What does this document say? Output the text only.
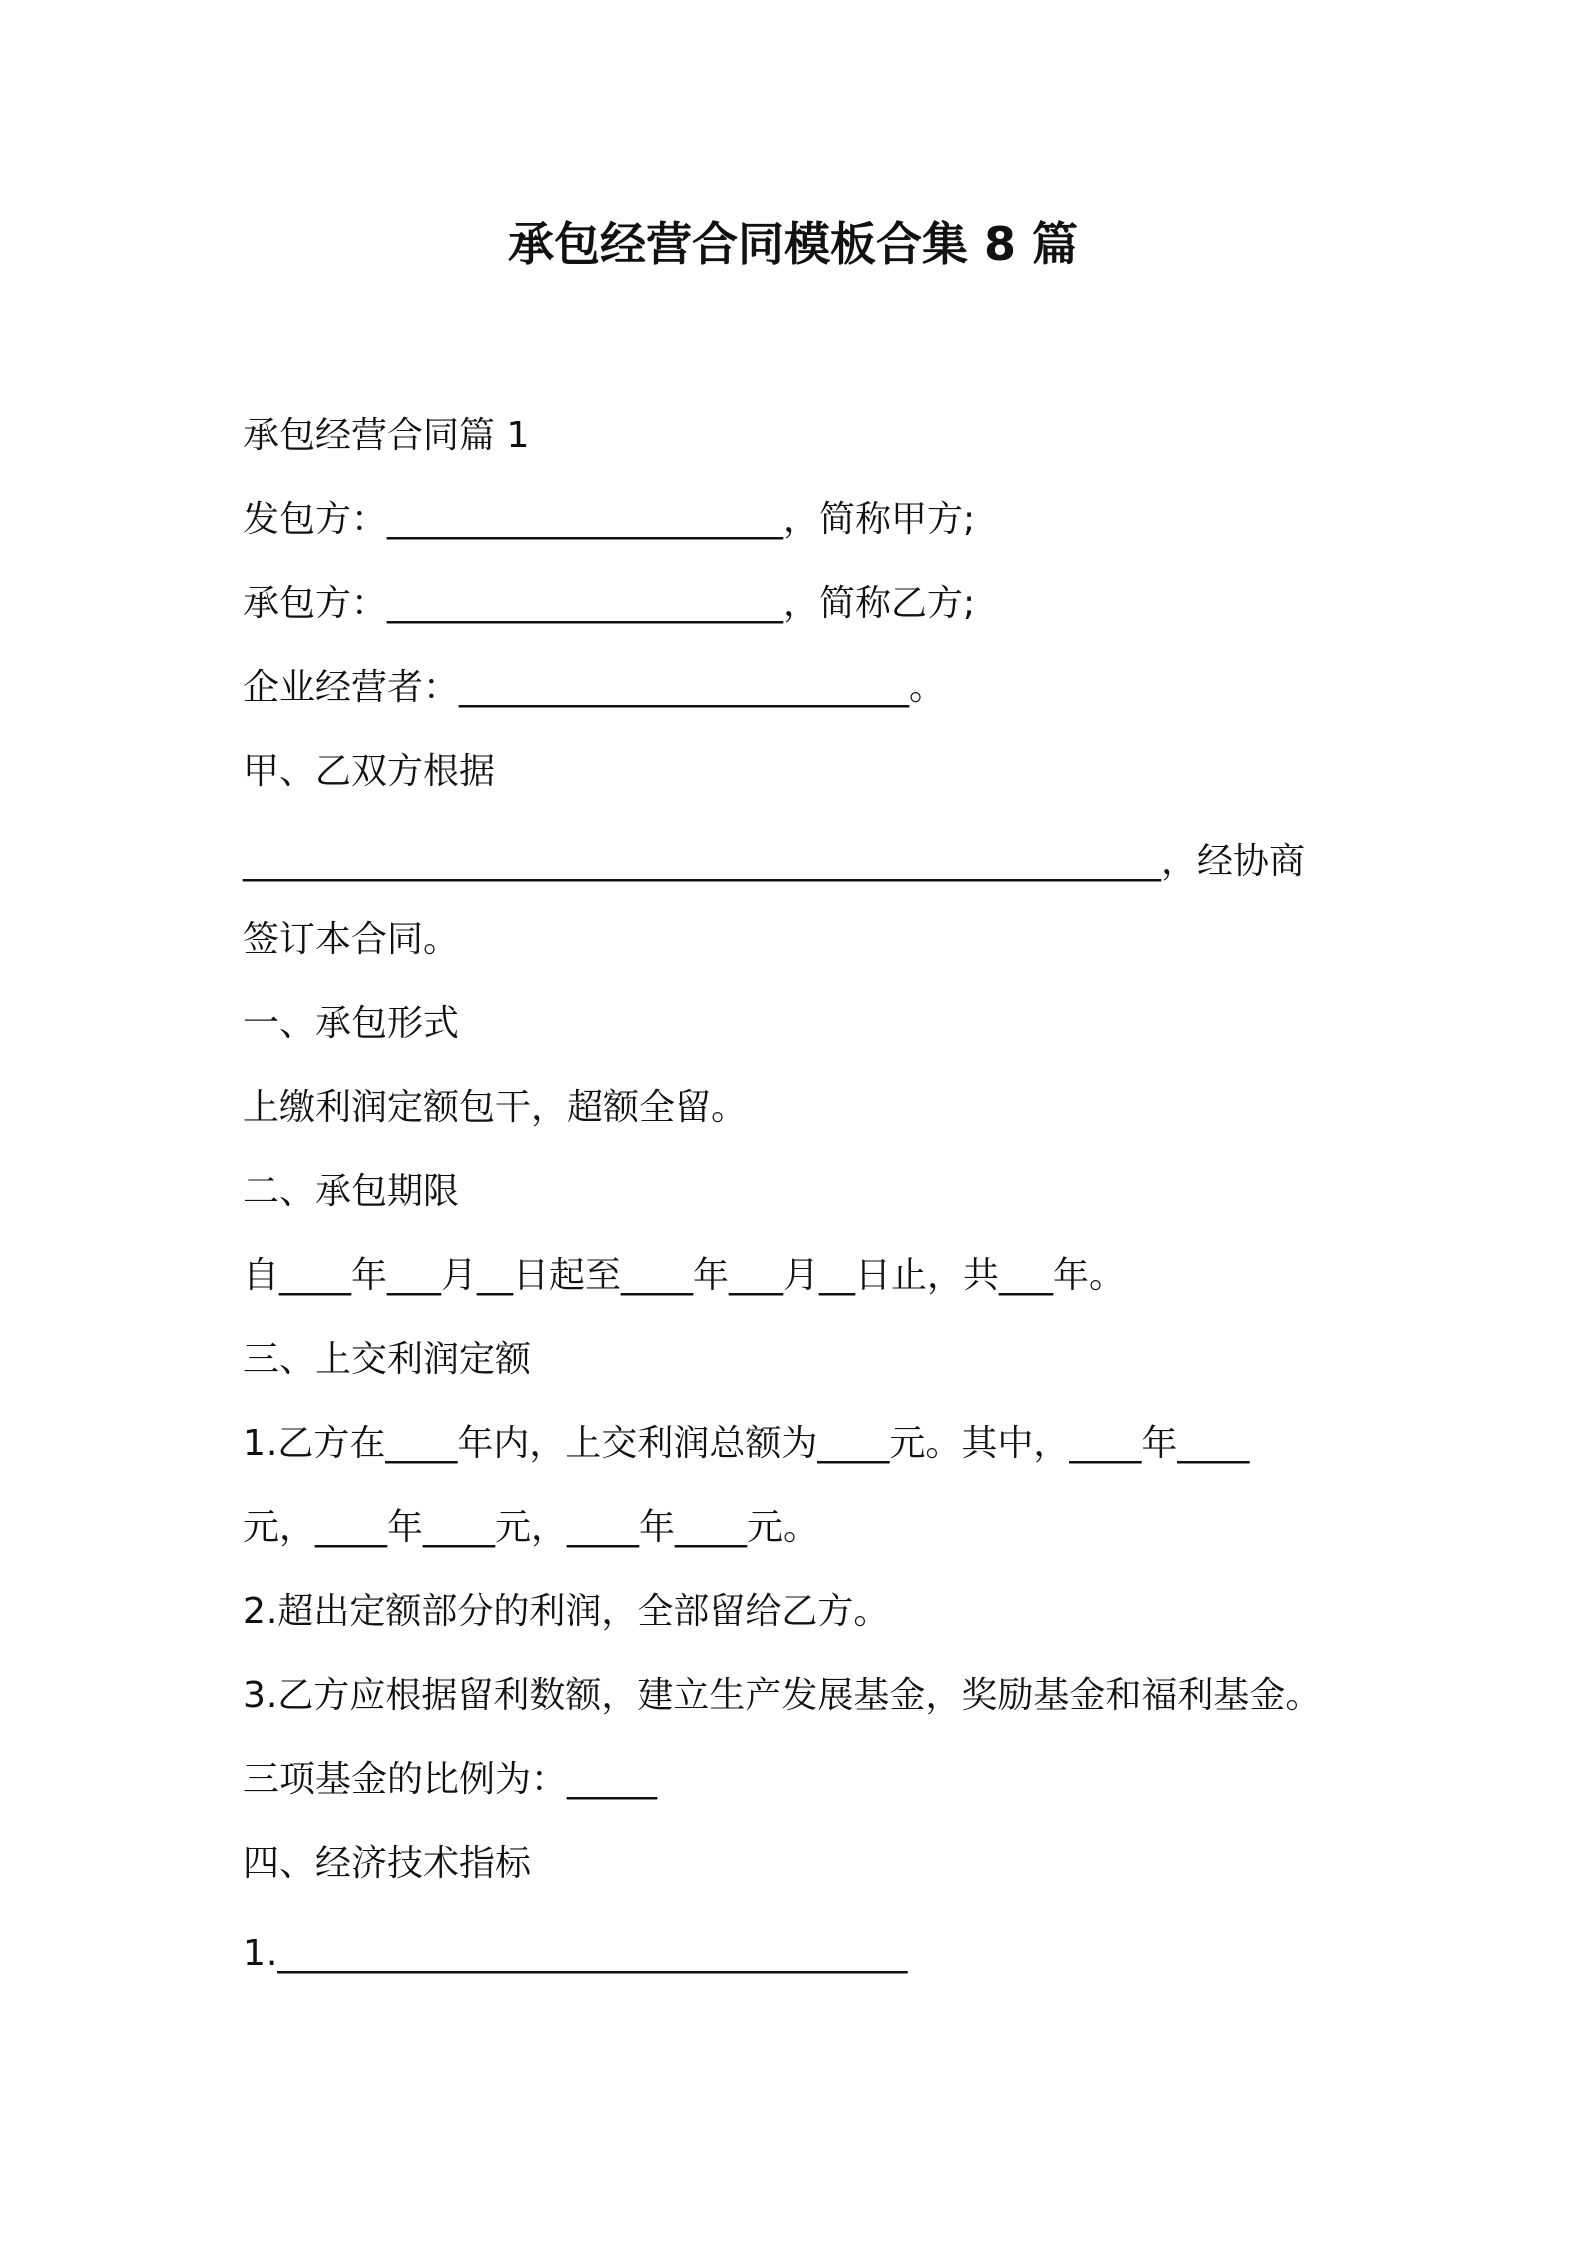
承包经营合同模板合集 8 篇
承包经营合同篇 1
发包方：______________________，简称甲方;
承包方：______________________，简称乙方;
企业经营者：_________________________。
甲、乙双方根据
___________________________________________________，经协商
签订本合同。
一、承包形式
上缴利润定额包干，超额全留。
二、承包期限
自____年___月__日起至____年___月__日止，共___年。
三、上交利润定额
1.乙方在____年内，上交利润总额为____元。其中，____年____
元，____年____元，____年____元。
2.超出定额部分的利润，全部留给乙方。
3.乙方应根据留利数额，建立生产发展基金，奖励基金和福利基金。
三项基金的比例为：_____
四、经济技术指标
1.___________________________________
